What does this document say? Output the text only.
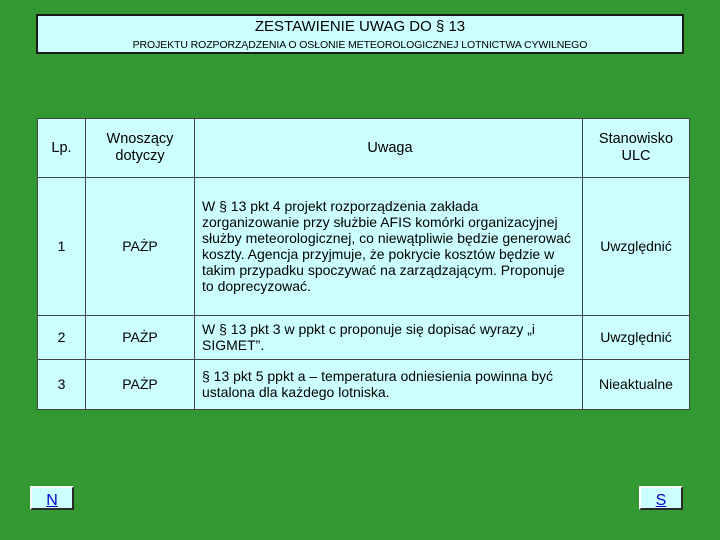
ZESTAWIENIE UWAG DO § 13
PROJEKTU ROZPORZĄDZENIA O OSŁONIE METEOROLOGICZNEJ LOTNICTWA CYWILNEGO
Lp.	Wnoszący dotyczy	Uwaga	Stanowisko ULC
1	PAŻP	W § 13 pkt 4 projekt rozporządzenia zakłada zorganizowanie przy służbie AFIS komórki organizacyjnej służby meteorologicznej, co niewątpliwie będzie generować koszty. Agencja przyjmuje, że pokrycie kosztów będzie w takim przypadku spoczywać na zarządzającym. Proponuje to doprecyzować.	Uwzględnić
2	PAŻP	W § 13 pkt 3 w ppkt c proponuje się dopisać wyrazy „i SIGMET”.	Uwzględnić
3	PAŻP	§ 13 pkt 5 ppkt a – temperatura odniesienia powinna być ustalona dla każdego lotniska.	Nieaktualne
N	S
